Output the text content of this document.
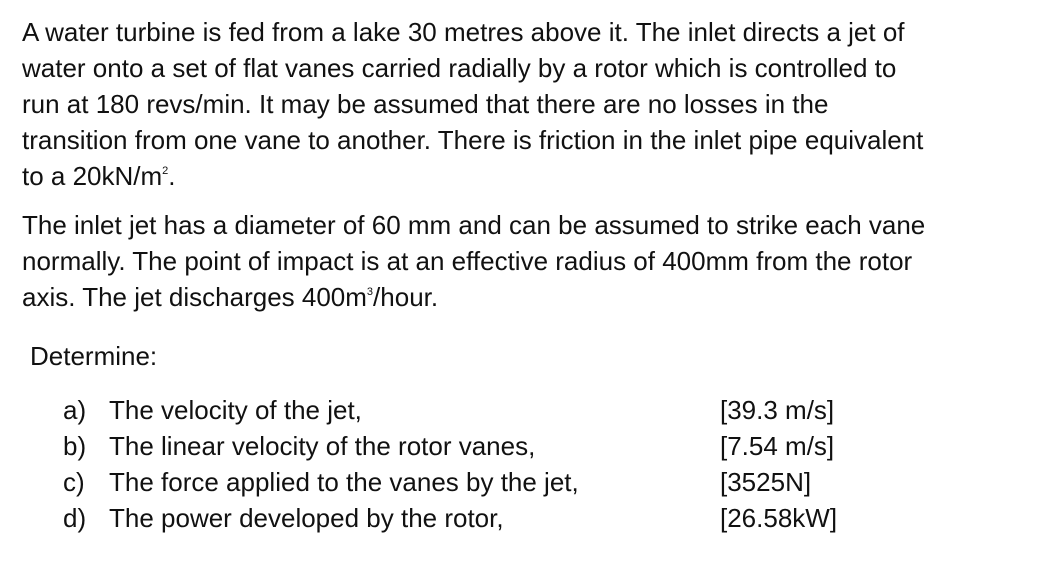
A water turbine is fed from a lake 30 metres above it. The inlet directs a jet of
water onto a set of flat vanes carried radially by a rotor which is controlled to
run at 180 revs/min. It may be assumed that there are no losses in the
transition from one vane to another. There is friction in the inlet pipe equivalent
to a $20kN/m^2$.

The inlet jet has a diameter of 60 mm and can be assumed to strike each vane
normally. The point of impact is at an effective radius of 400mm from the rotor
axis. The jet discharges $400m^3$/hour.

Determine:

a) The velocity of the jet,	[39.3 m/s]
b) The linear velocity of the rotor vanes,	[7.54 m/s]
c) The force applied to the vanes by the jet,	[3525N]
d) The power developed by the rotor,	[26.58kW]
